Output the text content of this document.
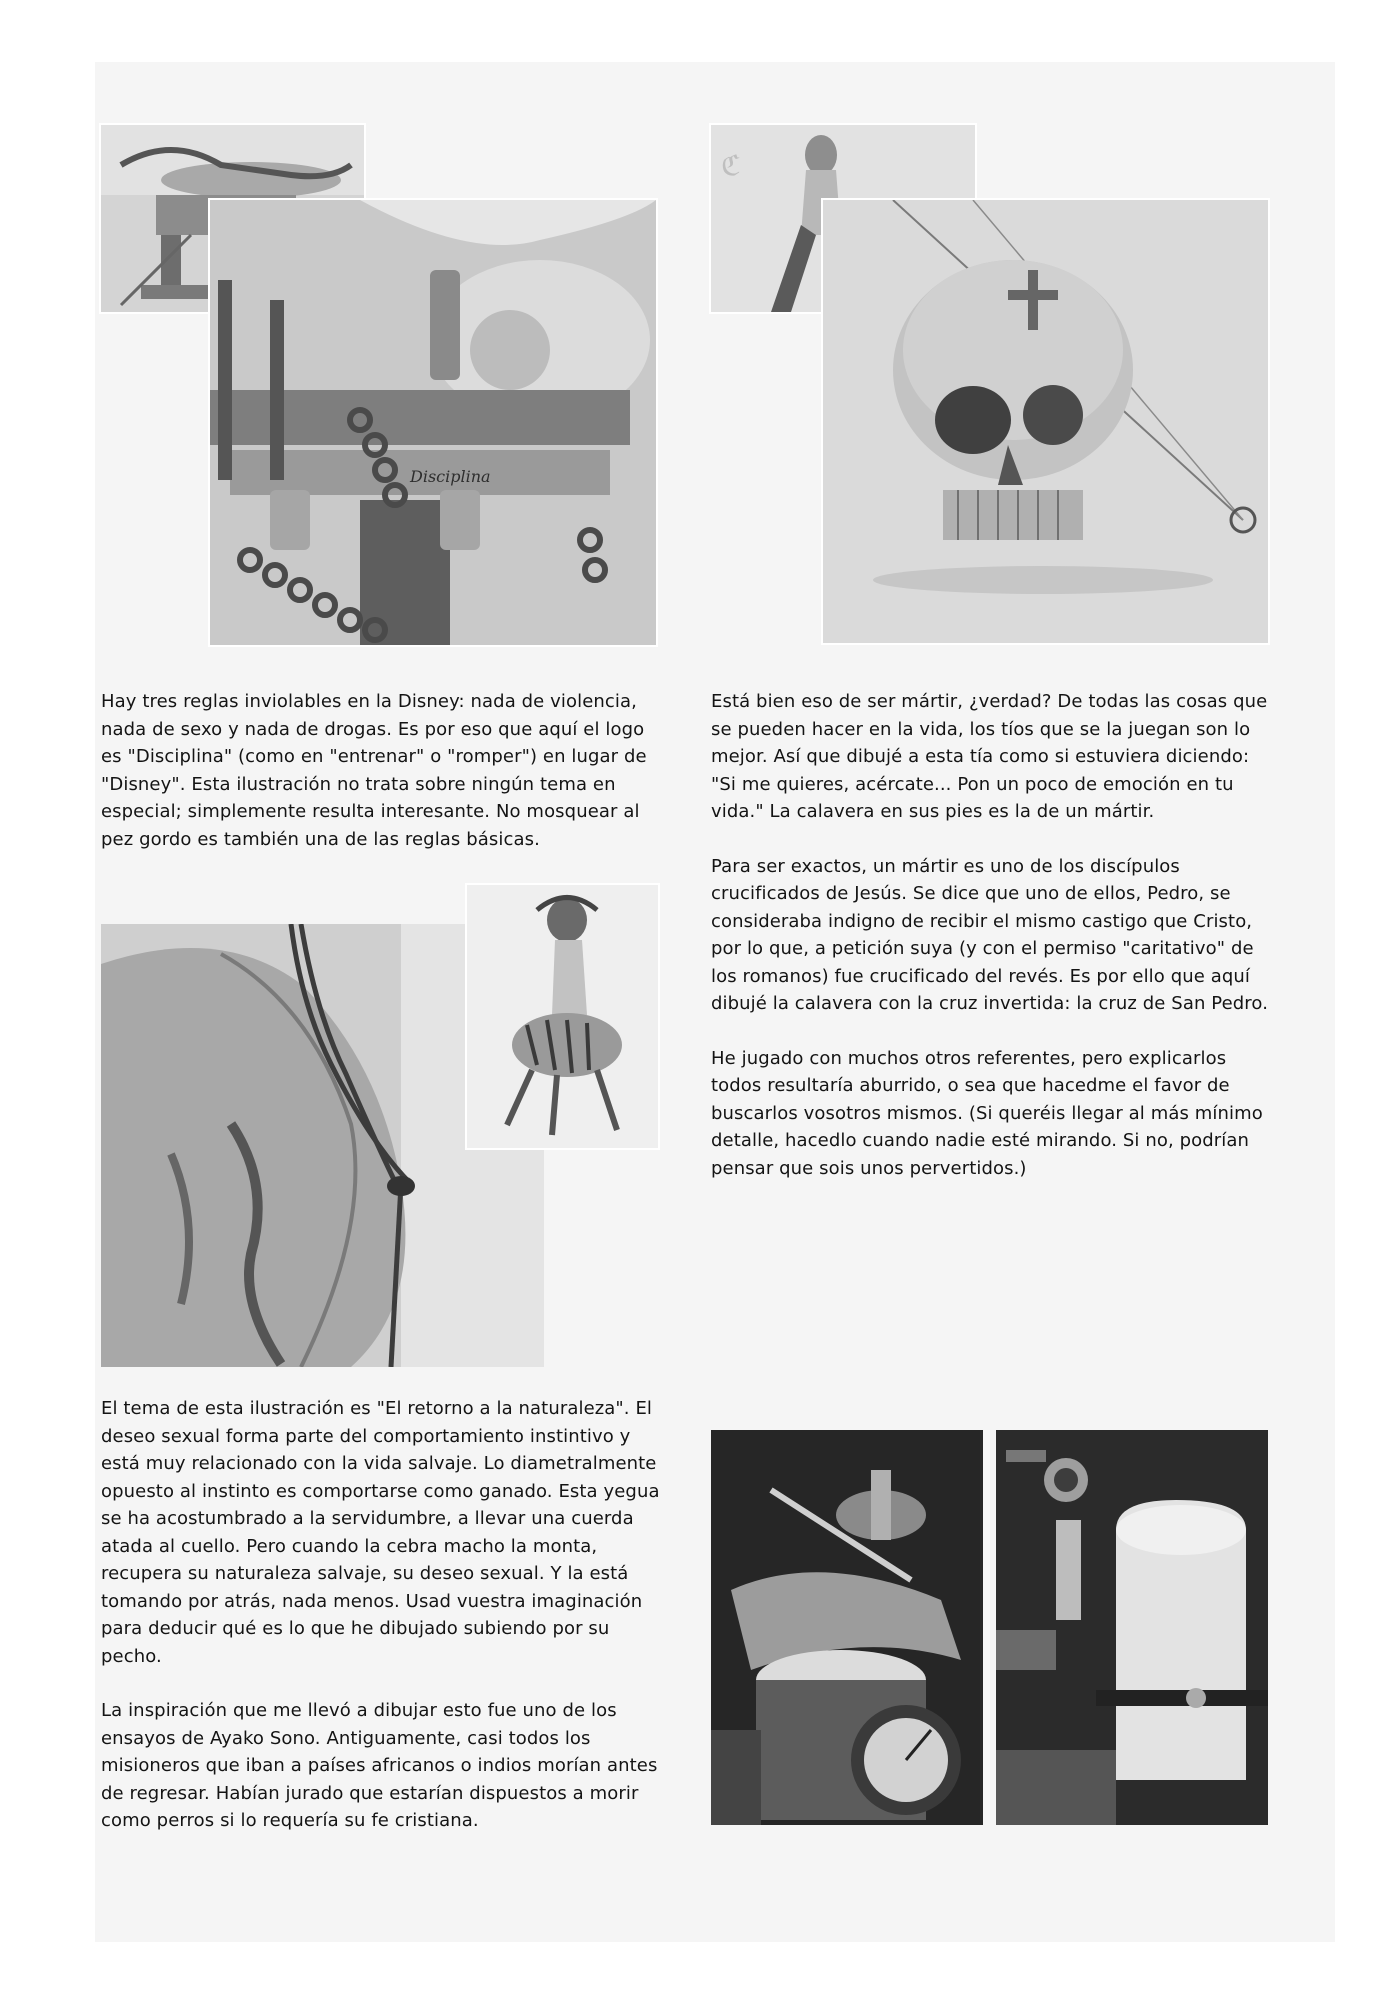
Disciplina
ℭ

Hay tres reglas inviolables en la Disney: nada de violencia, nada de sexo y nada de drogas. Es por eso que aquí el logo es "Disciplina" (como en "entrenar" o "romper") en lugar de "Disney". Esta ilustración no trata sobre ningún tema en especial; simplemente resulta interesante. No mosquear al pez gordo es también una de las reglas básicas.

Está bien eso de ser mártir, ¿verdad? De todas las cosas que se pueden hacer en la vida, los tíos que se la juegan son lo mejor. Así que dibujé a esta tía como si estuviera diciendo: "Si me quieres, acércate... Pon un poco de emoción en tu vida." La calavera en sus pies es la de un mártir.

Para ser exactos, un mártir es uno de los discípulos crucificados de Jesús. Se dice que uno de ellos, Pedro, se consideraba indigno de recibir el mismo castigo que Cristo, por lo que, a petición suya (y con el permiso "caritativo" de los romanos) fue crucificado del revés. Es por ello que aquí dibujé la calavera con la cruz invertida: la cruz de San Pedro.

He jugado con muchos otros referentes, pero explicarlos todos resultaría aburrido, o sea que hacedme el favor de buscarlos vosotros mismos. (Si queréis llegar al más mínimo detalle, hacedlo cuando nadie esté mirando. Si no, podrían pensar que sois unos pervertidos.)

El tema de esta ilustración es "El retorno a la naturaleza". El deseo sexual forma parte del comportamiento instintivo y está muy relacionado con la vida salvaje. Lo diametralmente opuesto al instinto es comportarse como ganado. Esta yegua se ha acostumbrado a la servidumbre, a llevar una cuerda atada al cuello. Pero cuando la cebra macho la monta, recupera su naturaleza salvaje, su deseo sexual. Y la está tomando por atrás, nada menos. Usad vuestra imaginación para deducir qué es lo que he dibujado subiendo por su pecho.

La inspiración que me llevó a dibujar esto fue uno de los ensayos de Ayako Sono. Antiguamente, casi todos los misioneros que iban a países africanos o indios morían antes de regresar. Habían jurado que estarían dispuestos a morir como perros si lo requería su fe cristiana.
